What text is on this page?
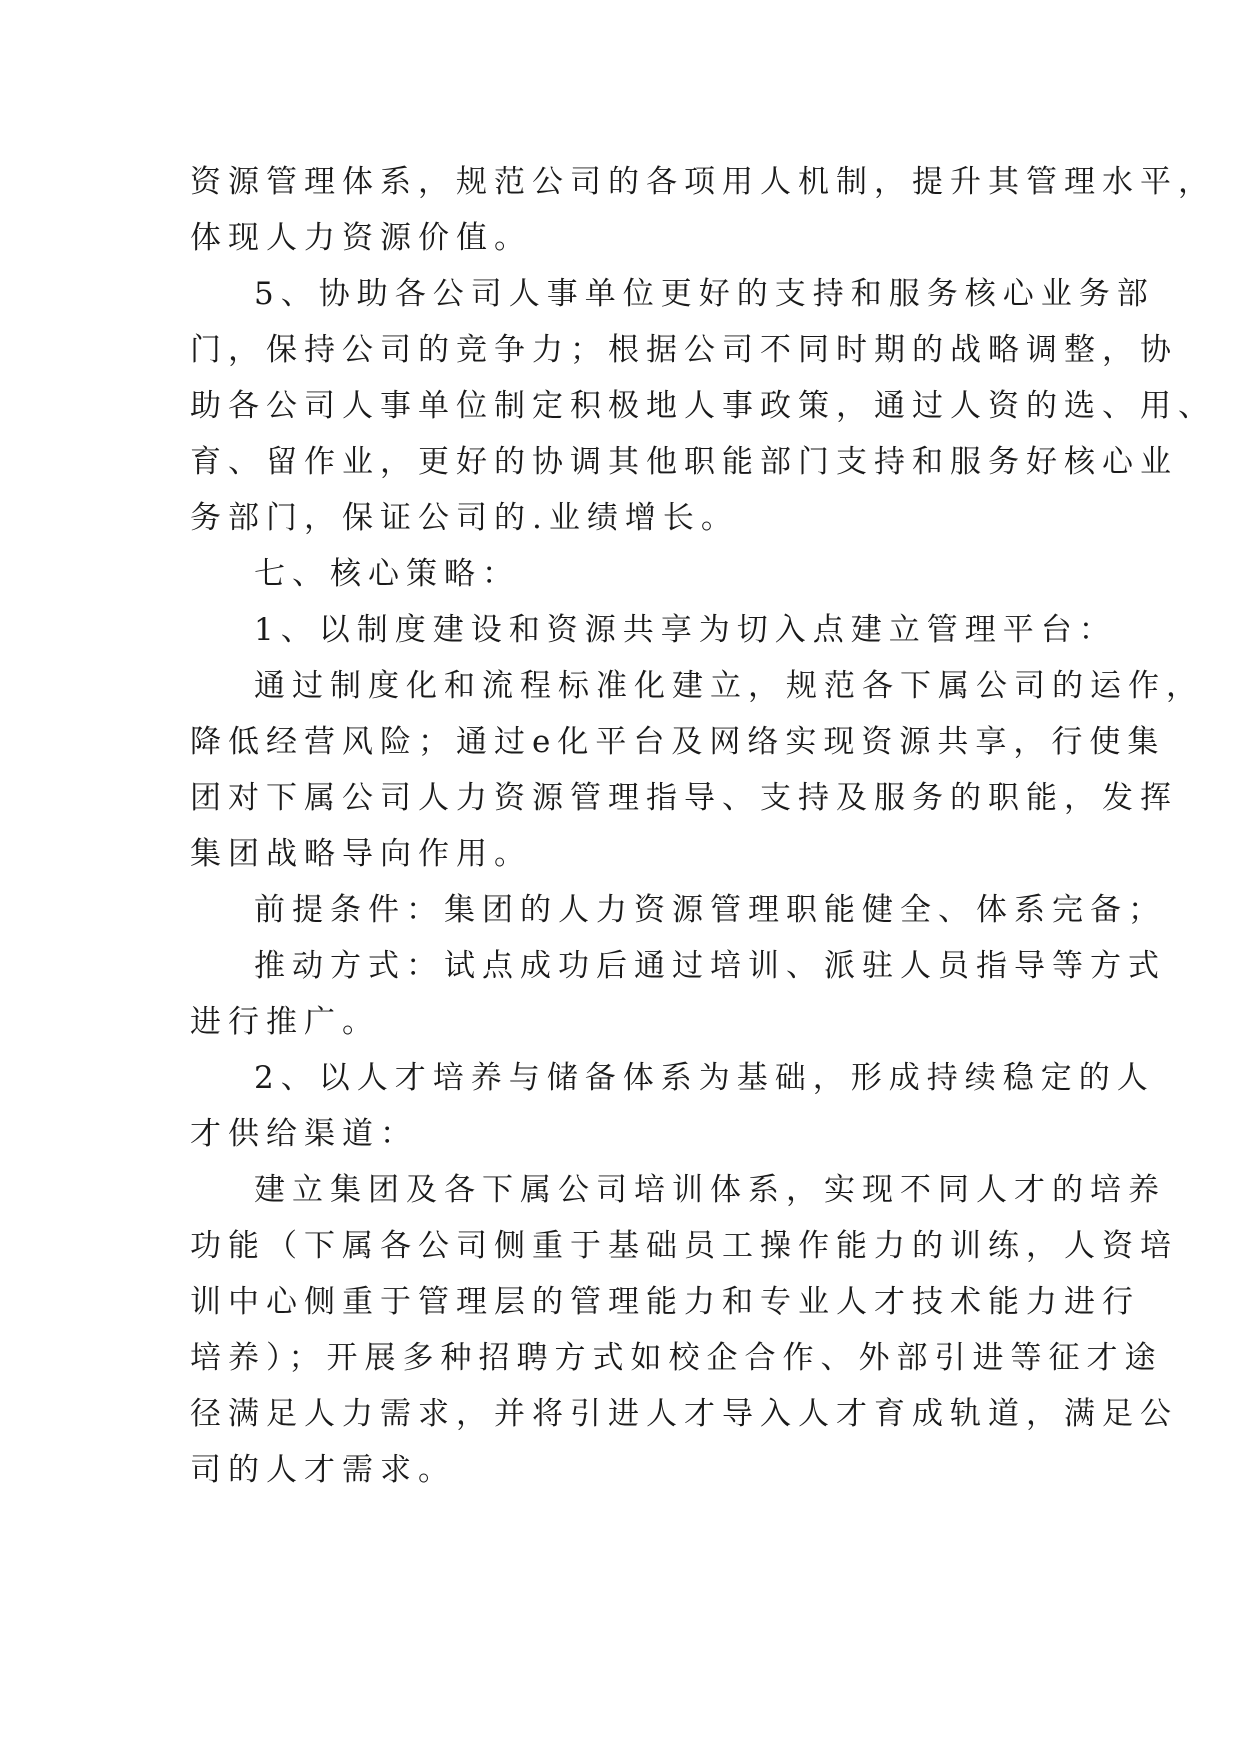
资源管理体系，规范公司的各项用人机制，提升其管理水平，
体现人力资源价值。
5、协助各公司人事单位更好的支持和服务核心业务部
门，保持公司的竞争力；根据公司不同时期的战略调整，协
助各公司人事单位制定积极地人事政策，通过人资的选、用、
育、留作业，更好的协调其他职能部门支持和服务好核心业
务部门，保证公司的.业绩增长。
七、核心策略：
1、以制度建设和资源共享为切入点建立管理平台：
通过制度化和流程标准化建立，规范各下属公司的运作，
降低经营风险；通过e化平台及网络实现资源共享，行使集
团对下属公司人力资源管理指导、支持及服务的职能，发挥
集团战略导向作用。
前提条件：集团的人力资源管理职能健全、体系完备；
推动方式：试点成功后通过培训、派驻人员指导等方式
进行推广。
2、以人才培养与储备体系为基础，形成持续稳定的人
才供给渠道：
建立集团及各下属公司培训体系，实现不同人才的培养
功能（下属各公司侧重于基础员工操作能力的训练，人资培
训中心侧重于管理层的管理能力和专业人才技术能力进行
培养）；开展多种招聘方式如校企合作、外部引进等征才途
径满足人力需求，并将引进人才导入人才育成轨道，满足公
司的人才需求。
